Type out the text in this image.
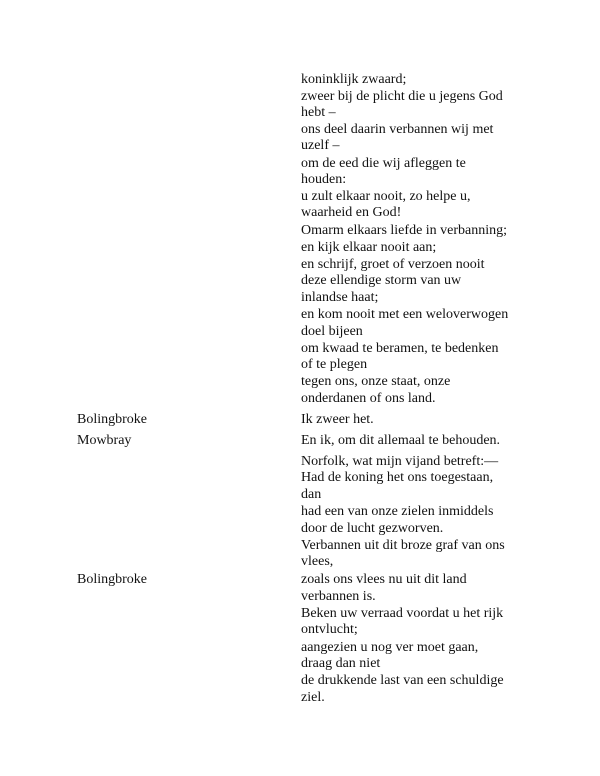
koninklijk zwaard;
zweer bij de plicht die u jegens God
hebt –
ons deel daarin verbannen wij met
uzelf –
om de eed die wij afleggen te
houden:
u zult elkaar nooit, zo helpe u,
waarheid en God!
Omarm elkaars liefde in verbanning;
en kijk elkaar nooit aan;
en schrijf, groet of verzoen nooit
deze ellendige storm van uw
inlandse haat;
en kom nooit met een weloverwogen
doel bijeen
om kwaad te beramen, te bedenken
of te plegen
tegen ons, onze staat, onze
onderdanen of ons land.
Bolingbroke	Ik zweer het.
Mowbray	En ik, om dit allemaal te behouden.
Norfolk, wat mijn vijand betreft:—
Had de koning het ons toegestaan,
dan
had een van onze zielen inmiddels
door de lucht gezworven.
Verbannen uit dit broze graf van ons
vlees,
Bolingbroke	zoals ons vlees nu uit dit land
verbannen is.
Beken uw verraad voordat u het rijk
ontvlucht;
aangezien u nog ver moet gaan,
draag dan niet
de drukkende last van een schuldige
ziel.
